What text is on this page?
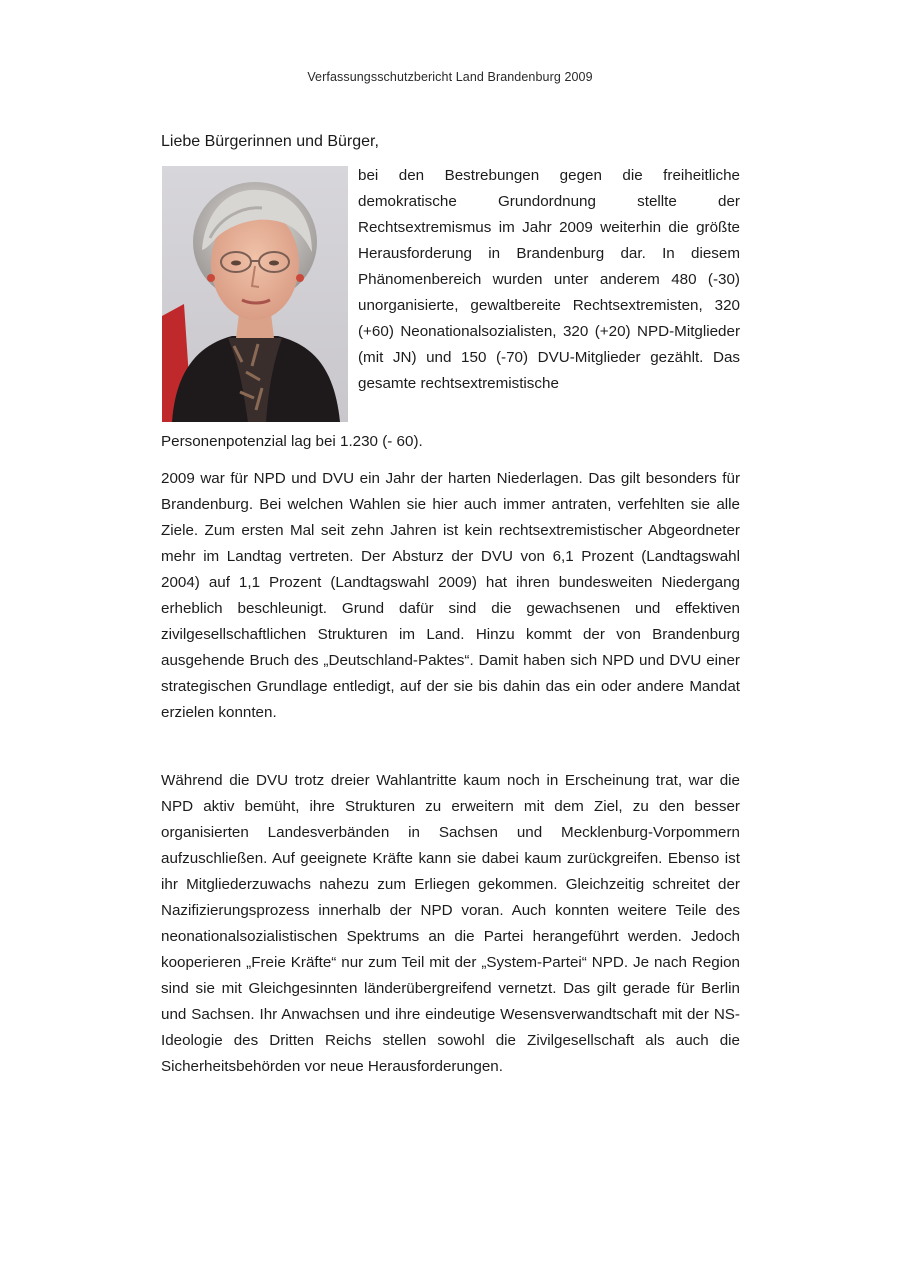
Verfassungsschutzbericht Land Brandenburg 2009
Liebe Bürgerinnen und Bürger,
bei den Bestrebungen gegen die freiheitliche demokratische Grundordnung stellte der Rechtsextremismus im Jahr 2009 weiterhin die größte Herausforderung in Brandenburg dar. In diesem Phänomenbereich wurden unter anderem 480 (-30) unorganisierte, gewaltbereite Rechtsextremisten, 320 (+60) Neonationalsozialisten, 320 (+20) NPD-Mitglieder (mit JN) und 150 (-70) DVU-Mitglieder gezählt. Das gesamte rechtsextremistische
Personenpotenzial lag bei 1.230 (- 60).

2009 war für NPD und DVU ein Jahr der harten Niederlagen. Das gilt besonders für Brandenburg. Bei welchen Wahlen sie hier auch immer antraten, verfehlten sie alle Ziele. Zum ersten Mal seit zehn Jahren ist kein rechtsextremistischer Abgeordneter mehr im Landtag vertreten. Der Absturz der DVU von 6,1 Prozent (Landtagswahl 2004) auf 1,1 Prozent (Landtagswahl 2009) hat ihren bundesweiten Niedergang erheblich beschleunigt. Grund dafür sind die gewachsenen und effektiven zivilgesellschaftlichen Strukturen im Land. Hinzu kommt der von Brandenburg ausgehende Bruch des „Deutschland-Paktes“. Damit haben sich NPD und DVU einer strategischen Grundlage entledigt, auf der sie bis dahin das ein oder andere Mandat erzielen konnten.

Während die DVU trotz dreier Wahlantritte kaum noch in Erscheinung trat, war die NPD aktiv bemüht, ihre Strukturen zu erweitern mit dem Ziel, zu den besser organisierten Landesverbänden in Sachsen und Mecklenburg-Vorpommern aufzuschließen. Auf geeignete Kräfte kann sie dabei kaum zurückgreifen. Ebenso ist ihr Mitgliederzuwachs nahezu zum Erliegen gekommen. Gleichzeitig schreitet der Nazifizierungsprozess innerhalb der NPD voran. Auch konnten weitere Teile des neonationalsozialistischen Spektrums an die Partei herangeführt werden. Jedoch kooperieren „Freie Kräfte“ nur zum Teil mit der „System-Partei“ NPD. Je nach Region sind sie mit Gleichgesinnten länderübergreifend vernetzt. Das gilt gerade für Berlin und Sachsen. Ihr Anwachsen und ihre eindeutige Wesensverwandtschaft mit der NS-Ideologie des Dritten Reichs stellen sowohl die Zivilgesellschaft als auch die Sicherheitsbehörden vor neue Herausforderungen.
